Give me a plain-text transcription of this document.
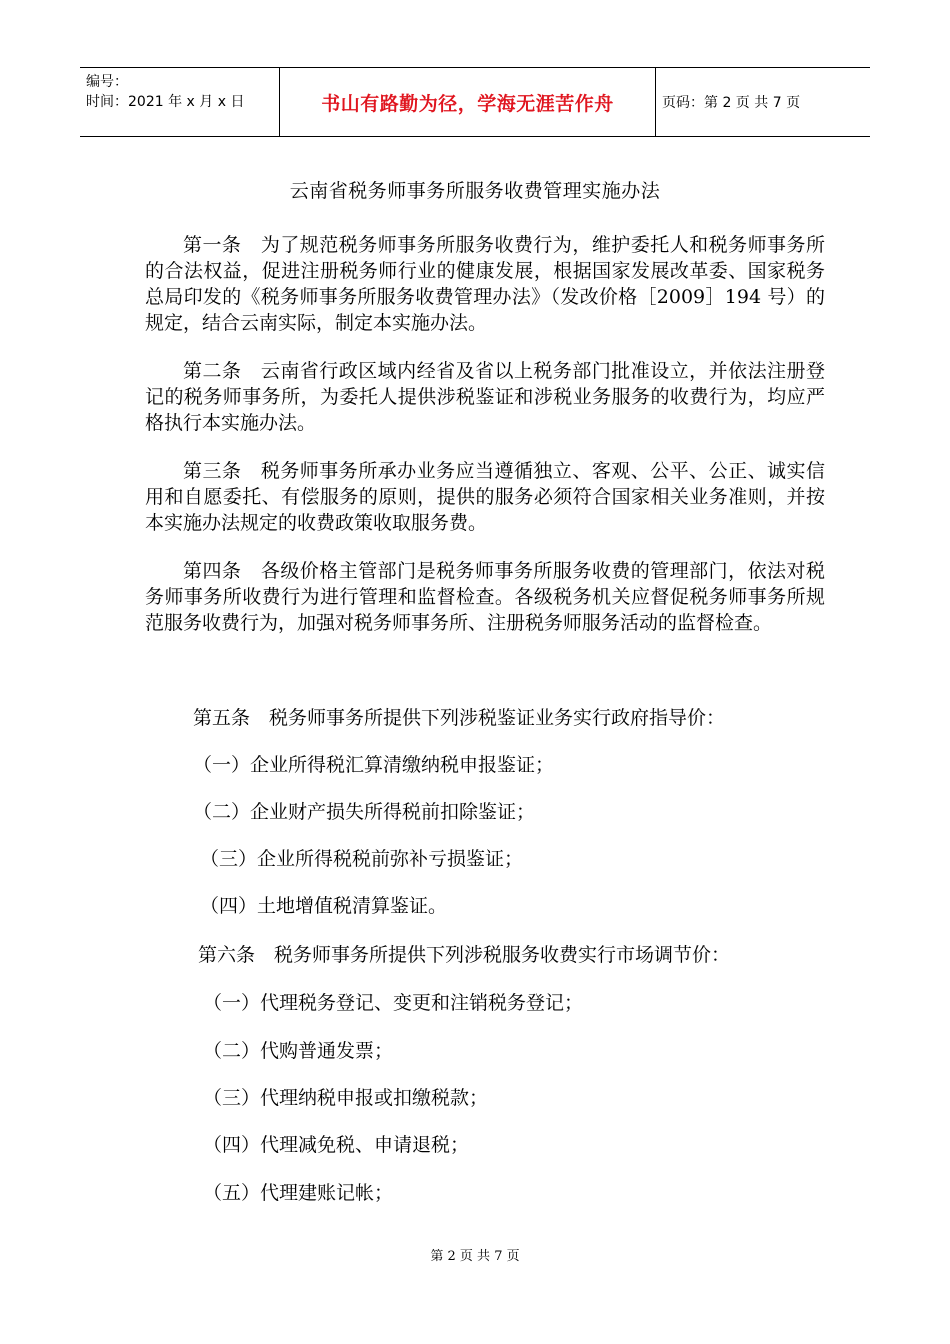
编号：
时间：2021 年 x 月 x 日	书山有路勤为径，学海无涯苦作舟	页码：第 2 页 共 7 页
云南省税务师事务所服务收费管理实施办法

第一条　为了规范税务师事务所服务收费行为，维护委托人和税务师事务所的合法权益，促进注册税务师行业的健康发展，根据国家发展改革委、国家税务总局印发的《税务师事务所服务收费管理办法》（发改价格［2009］194 号）的规定，结合云南实际，制定本实施办法。

第二条　云南省行政区域内经省及省以上税务部门批准设立，并依法注册登记的税务师事务所，为委托人提供涉税鉴证和涉税业务服务的收费行为，均应严格执行本实施办法。

第三条　税务师事务所承办业务应当遵循独立、客观、公平、公正、诚实信用和自愿委托、有偿服务的原则，提供的服务必须符合国家相关业务准则，并按本实施办法规定的收费政策收取服务费。

第四条　各级价格主管部门是税务师事务所服务收费的管理部门，依法对税务师事务所收费行为进行管理和监督检查。各级税务机关应督促税务师事务所规范服务收费行为，加强对税务师事务所、注册税务师服务活动的监督检查。

第五条　税务师事务所提供下列涉税鉴证业务实行政府指导价：
（一）企业所得税汇算清缴纳税申报鉴证；
（二）企业财产损失所得税前扣除鉴证；
（三）企业所得税税前弥补亏损鉴证；
（四）土地增值税清算鉴证。
第六条　税务师事务所提供下列涉税服务收费实行市场调节价：
（一）代理税务登记、变更和注销税务登记；
（二）代购普通发票；
（三）代理纳税申报或扣缴税款；
（四）代理减免税、申请退税；
（五）代理建账记帐；
第 2 页 共 7 页
